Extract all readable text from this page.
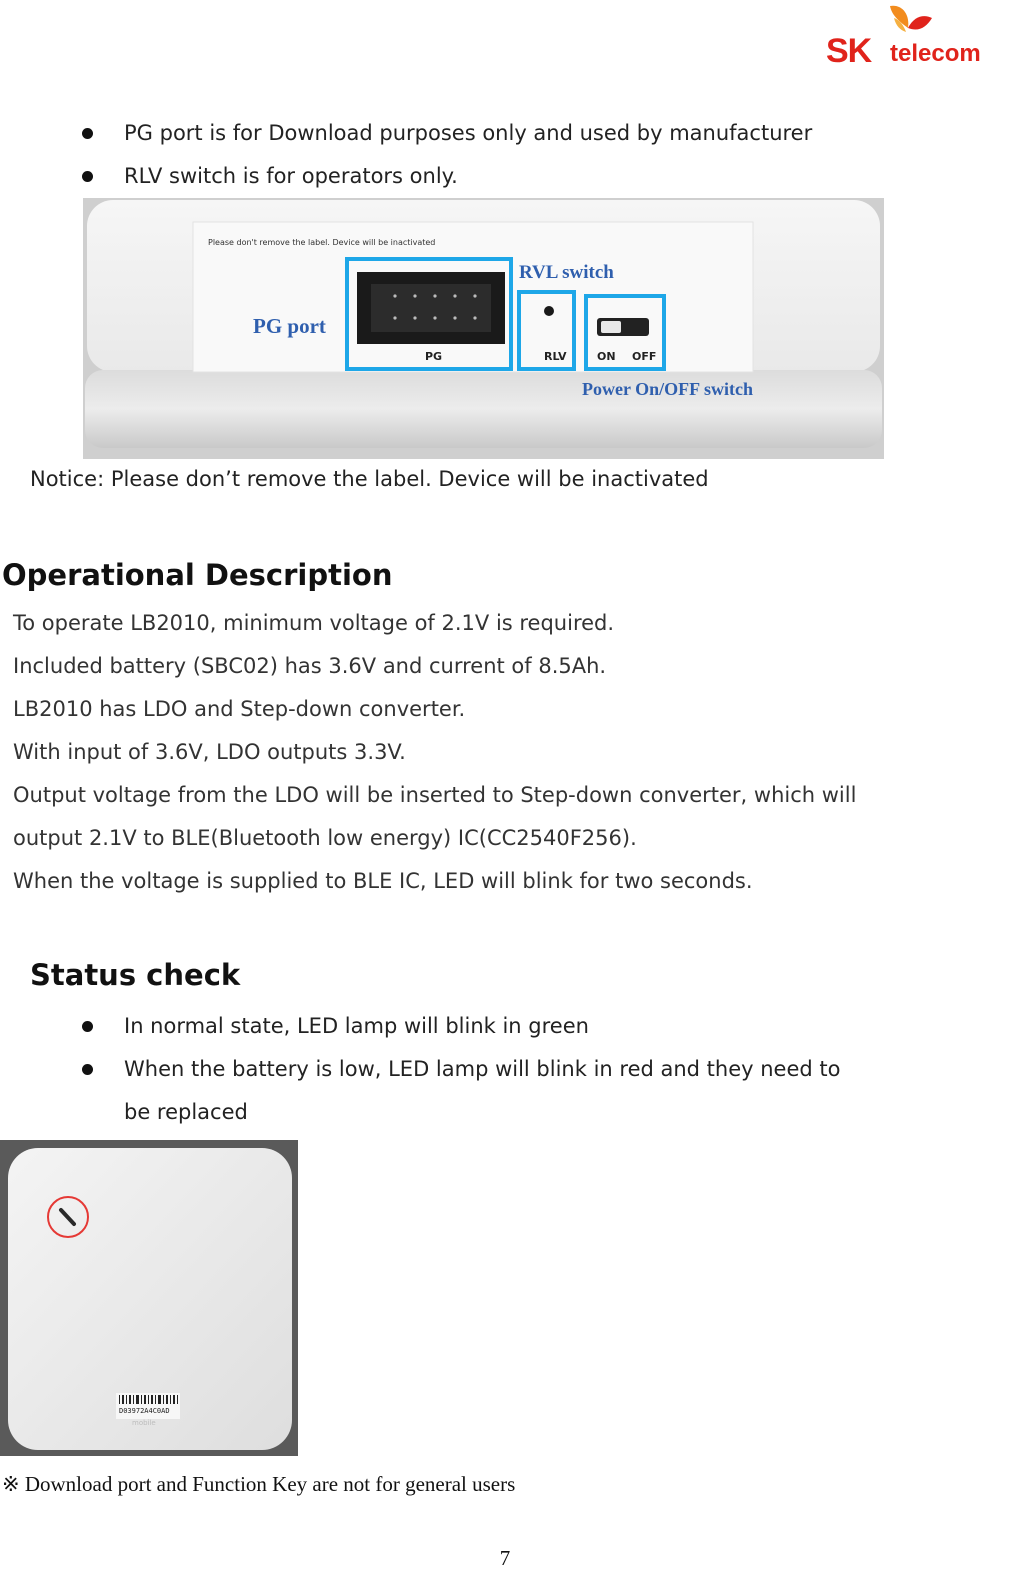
SK telecom
PG port is for Download purposes only and used by manufacturer
RLV switch is for operators only.
Please don't remove the label. Device will be inactivated
PG	RLV	ON OFF
PG port
RVL switch
Power On/OFF switch
Notice: Please don’t remove the label. Device will be inactivated
Operational Description
To operate LB2010, minimum voltage of 2.1V is required.
Included battery (SBC02) has 3.6V and current of 8.5Ah.
LB2010 has LDO and Step-down converter.
With input of 3.6V, LDO outputs 3.3V.
Output voltage from the LDO will be inserted to Step-down converter, which will
output 2.1V to BLE(Bluetooth low energy) IC(CC2540F256).
When the voltage is supplied to BLE IC, LED will blink for two seconds.
Status check
In normal state, LED lamp will blink in green
When the battery is low, LED lamp will blink in red and they need to
be replaced
D03972A4C0AD
mobile
※ Download port and Function Key are not for general users
7
